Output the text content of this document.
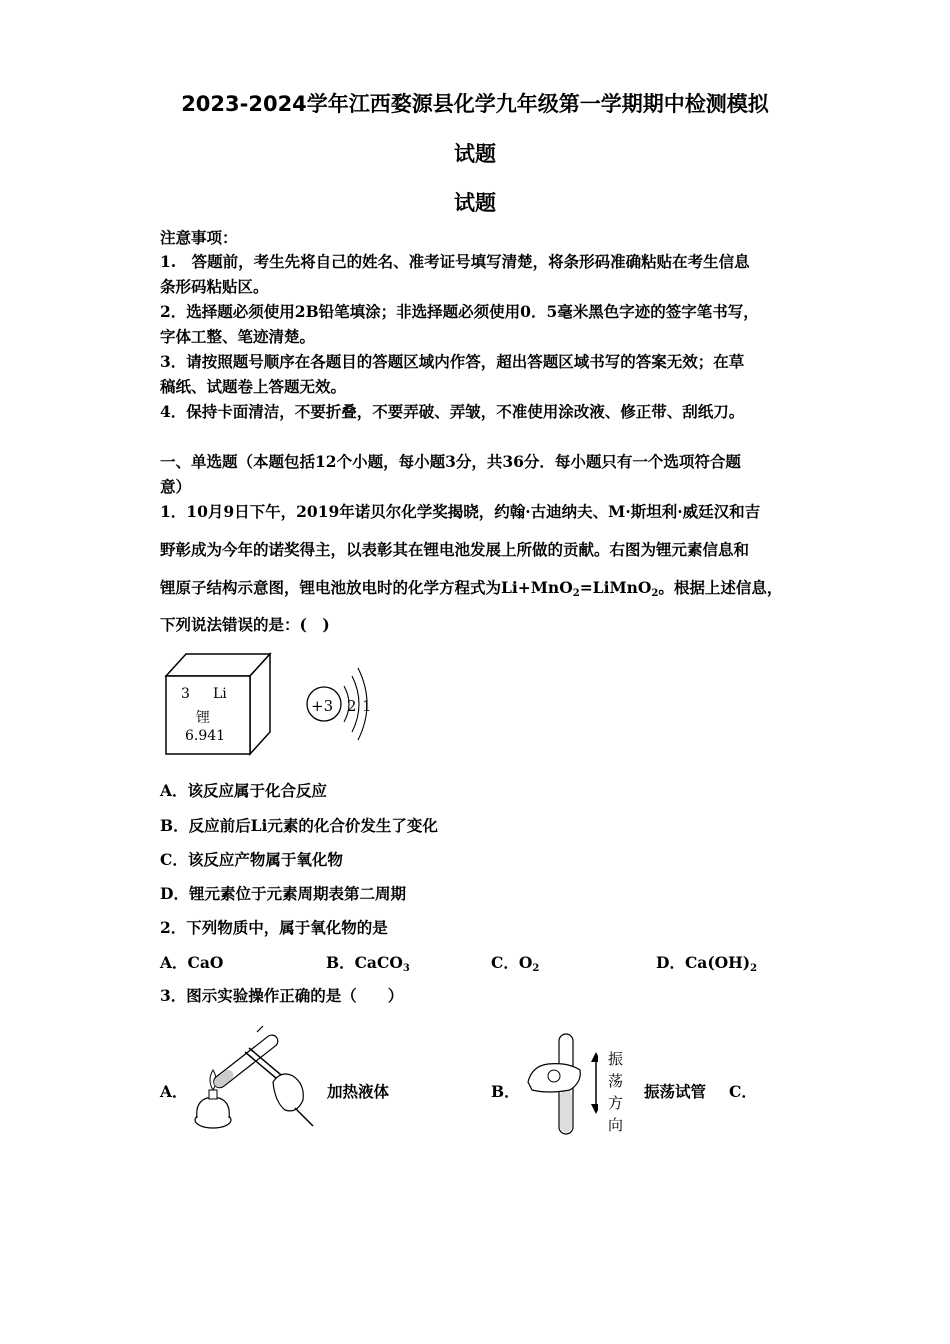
2023-2024学年江西婺源县化学九年级第一学期期中检测模拟
试题
试题
注意事项：
1.　答题前，考生先将自己的姓名、准考证号填写清楚，将条形码准确粘贴在考生信息
条形码粘贴区。
2．选择题必须使用2B铅笔填涂；非选择题必须使用0．5毫米黑色字迹的签字笔书写，
字体工整、笔迹清楚。
3．请按照题号顺序在各题目的答题区域内作答，超出答题区域书写的答案无效；在草
稿纸、试题卷上答题无效。
4．保持卡面清洁，不要折叠，不要弄破、弄皱，不准使用涂改液、修正带、刮纸刀。
一、单选题（本题包括12个小题，每小题3分，共36分．每小题只有一个选项符合题
意）
1．10月9日下午，2019年诺贝尔化学奖揭晓，约翰·古迪纳夫、M·斯坦利·威廷汉和吉
野彰成为今年的诺奖得主，以表彰其在锂电池发展上所做的贡献。右图为锂元素信息和
锂原子结构示意图，锂电池放电时的化学方程式为Li+MnO$_2$=LiMnO$_2$。根据上述信息，
下列说法错误的是：(　)
3 Li
锂
6.941
+3 2 1
A．该反应属于化合反应
B．反应前后Li元素的化合价发生了变化
C．该反应产物属于氧化物
D．锂元素位于元素周期表第二周期
2．下列物质中，属于氧化物的是
A．CaO	B．CaCO$_3$	C．$O_2$	D．$Ca(OH)_2$
3．图示实验操作正确的是（　　）
A．	加热液体	B．
振
荡
方
向
振荡试管 C．
